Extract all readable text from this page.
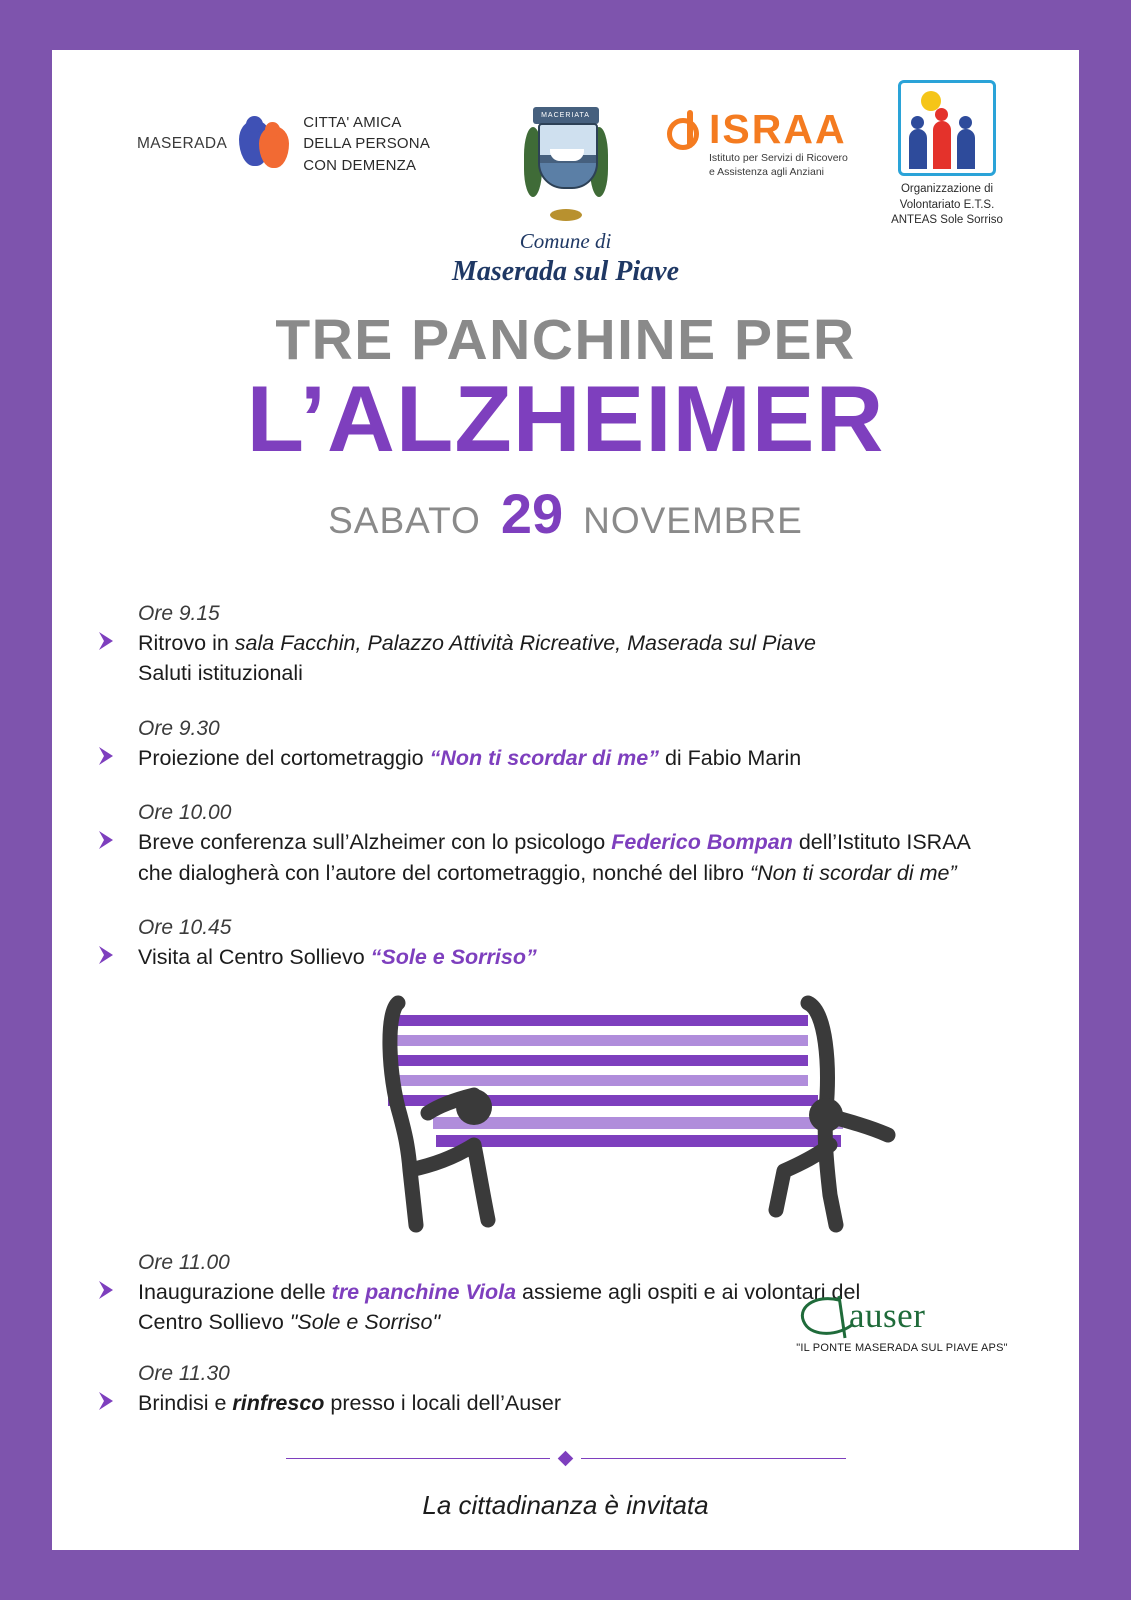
MASERADA
CITTA' AMICA
DELLA PERSONA
CON DEMENZA
MACERIATA
Comune di
Maserada sul Piave
ISRAA
Istituto per Servizi di Ricovero
e Assistenza agli Anziani
Organizzazione di
Volontariato E.T.S.
ANTEAS Sole Sorriso
TRE PANCHINE PER
L’ALZHEIMER
SABATO 29 NOVEMBRE
Ore 9.15
Ritrovo in sala Facchin, Palazzo Attività Ricreative, Maserada sul Piave
Saluti istituzionali
Ore 9.30
Proiezione del cortometraggio “Non ti scordar di me” di Fabio Marin
Ore 10.00
Breve conferenza sull’Alzheimer con lo psicologo Federico Bompan dell’Istituto ISRAA
che dialogherà con l’autore del cortometraggio, nonché del libro “Non ti scordar di me”
Ore 10.45
Visita al Centro Sollievo “Sole e Sorriso”
Ore 11.00
Inaugurazione delle tre panchine Viola assieme agli ospiti e ai volontari del
Centro Sollievo "Sole e Sorriso"
Ore 11.30
Brindisi e rinfresco presso i locali dell’Auser
auser
"IL PONTE MASERADA SUL PIAVE APS"
La cittadinanza è invitata
